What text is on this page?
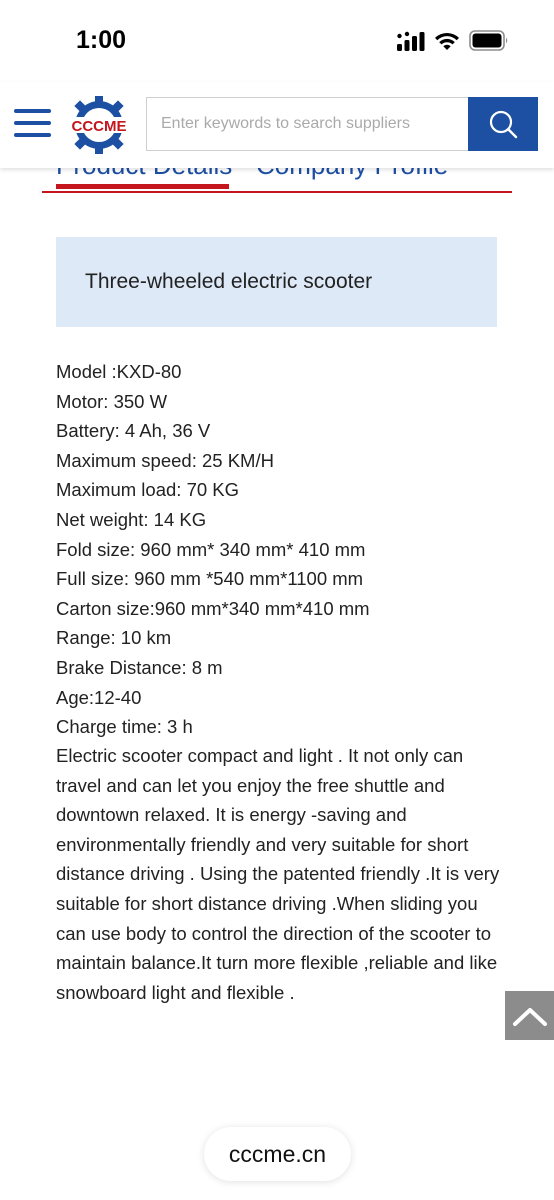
1:00
CCCME
Enter keywords to search suppliers
Three-wheeled electric scooter
Model :KXD-80
Motor: 350 W
Battery: 4 Ah, 36 V
Maximum speed: 25 KM/H
Maximum load: 70 KG
Net weight: 14 KG
Fold size: 960 mm* 340 mm* 410 mm
Full size: 960 mm *540 mm*1100 mm
Carton size:960 mm*340 mm*410 mm
Range: 10 km
Brake Distance: 8 m
Age:12-40
Charge time: 3 h
Electric scooter compact and light . It not only can travel and can let you enjoy the free shuttle and downtown relaxed. It is energy -saving and environmentally friendly and very suitable for short distance driving . Using the patented friendly .It is very suitable for short distance driving .When sliding you can use body to control the direction of the scooter to maintain balance.It turn more flexible ,reliable and like snowboard light and flexible .
cccme.cn
